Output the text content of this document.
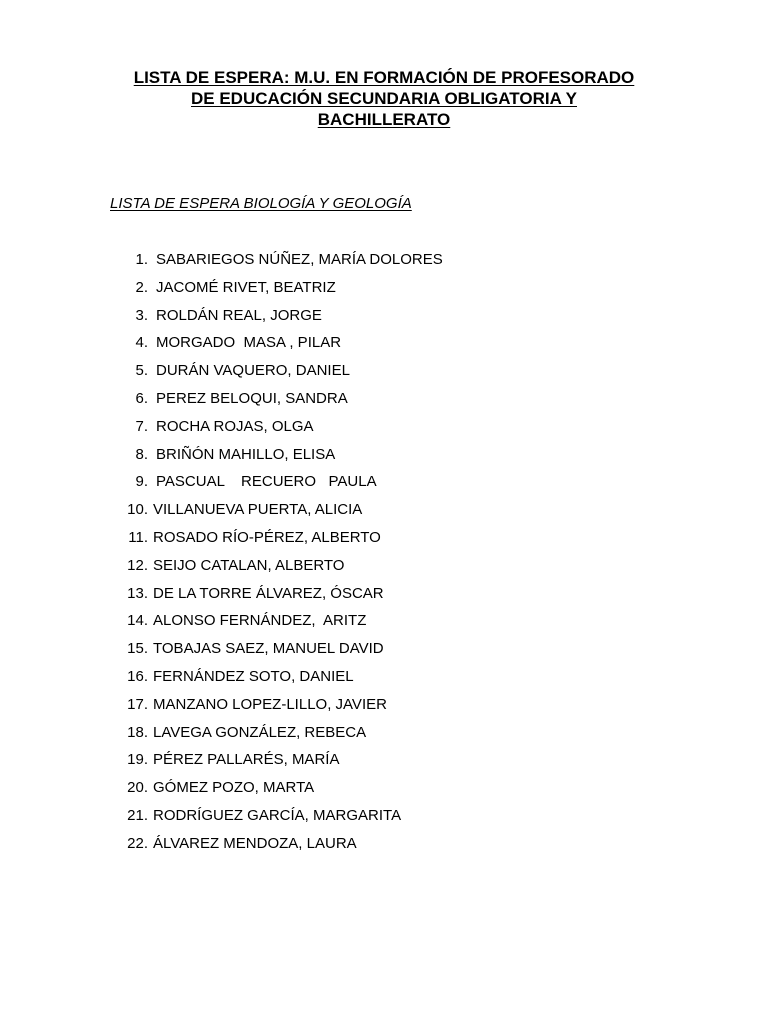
LISTA DE ESPERA: M.U. EN FORMACIÓN DE PROFESORADO
DE EDUCACIÓN SECUNDARIA OBLIGATORIA Y
BACHILLERATO
LISTA DE ESPERA BIOLOGÍA Y GEOLOGÍA
1. SABARIEGOS NÚÑEZ, MARÍA DOLORES
2. JACOMÉ RIVET, BEATRIZ
3. ROLDÁN REAL, JORGE
4. MORGADO  MASA , PILAR
5. DURÁN VAQUERO, DANIEL
6. PEREZ BELOQUI, SANDRA
7. ROCHA ROJAS, OLGA
8. BRIÑÓN MAHILLO, ELISA
9. PASCUAL    RECUERO   PAULA
10. VILLANUEVA PUERTA, ALICIA
11. ROSADO RÍO-PÉREZ, ALBERTO
12. SEIJO CATALAN, ALBERTO
13. DE LA TORRE ÁLVAREZ, ÓSCAR
14. ALONSO FERNÁNDEZ,  ARITZ
15. TOBAJAS SAEZ, MANUEL DAVID
16. FERNÁNDEZ SOTO, DANIEL
17. MANZANO LOPEZ-LILLO, JAVIER
18. LAVEGA GONZÁLEZ, REBECA
19. PÉREZ PALLARÉS, MARÍA
20. GÓMEZ POZO, MARTA
21. RODRÍGUEZ GARCÍA, MARGARITA
22. ÁLVAREZ MENDOZA, LAURA
